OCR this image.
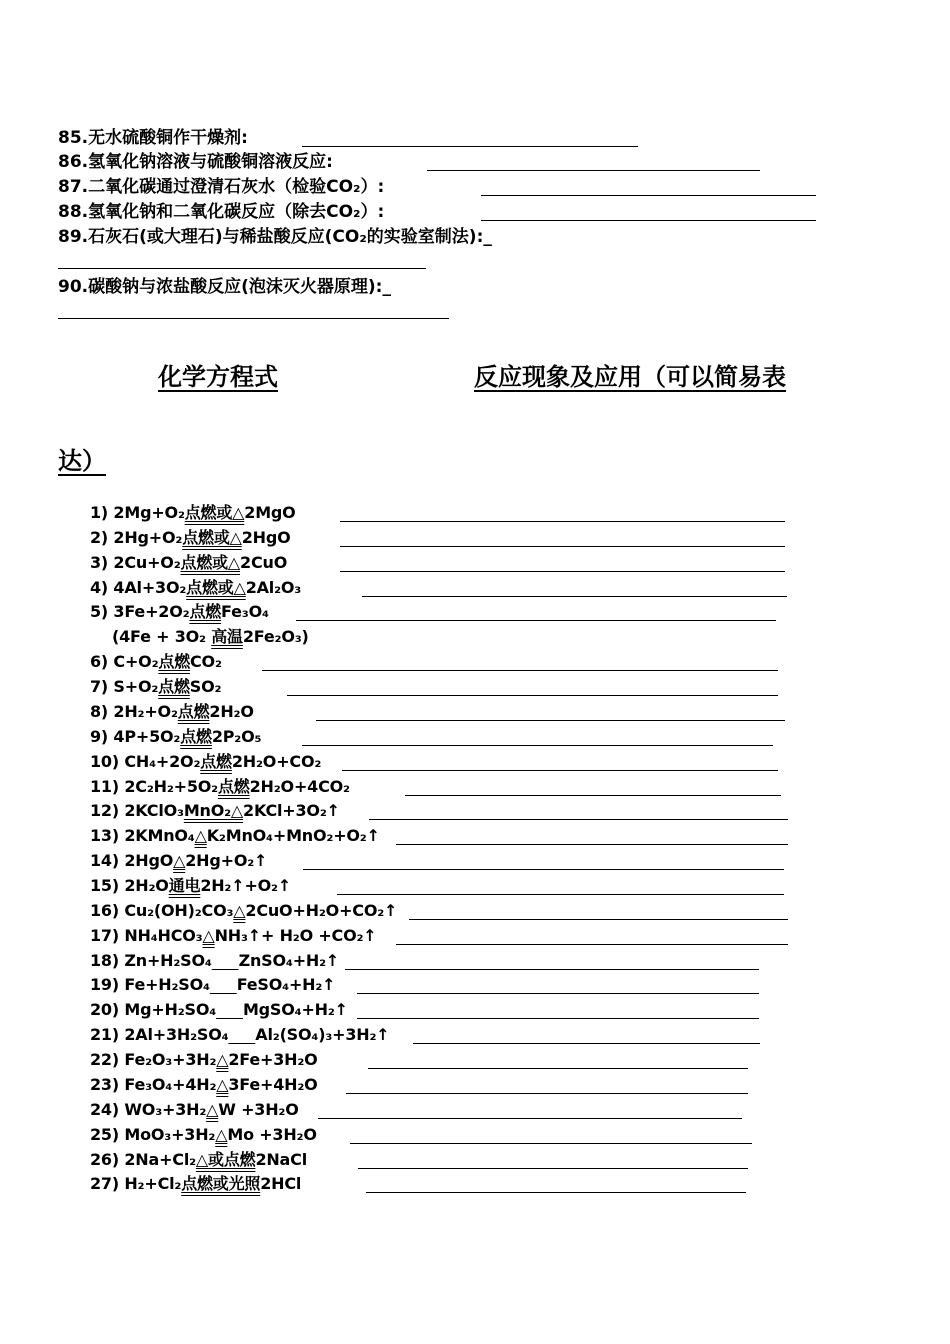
85.无水硫酸铜作干燥剂:
86.氢氧化钠溶液与硫酸铜溶液反应:
87.二氧化碳通过澄清石灰水（检验CO₂）:
88.氢氧化钠和二氧化碳反应（除去CO₂）:
89.石灰石(或大理石)与稀盐酸反应(CO₂的实验室制法):_
90.碳酸钠与浓盐酸反应(泡沫灭火器原理):_
化学方程式	反应现象及应用（可以简易表
达）
1) 2Mg+O₂点燃或△2MgO
2) 2Hg+O₂点燃或△2HgO
3) 2Cu+O₂点燃或△2CuO
4) 4Al+3O₂点燃或△2Al₂O₃
5) 3Fe+2O₂点燃Fe₃O₄
(4Fe + 3O₂ 高温2Fe₂O₃)
6) C+O₂点燃CO₂
7) S+O₂点燃SO₂
8) 2H₂+O₂点燃2H₂O
9) 4P+5O₂点燃2P₂O₅
10) CH₄+2O₂点燃2H₂O+CO₂
11) 2C₂H₂+5O₂点燃2H₂O+4CO₂
12) 2KClO₃MnO₂△2KCl+3O₂↑
13) 2KMnO₄△K₂MnO₄+MnO₂+O₂↑
14) 2HgO△2Hg+O₂↑
15) 2H₂O通电2H₂↑+O₂↑
16) Cu₂(OH)₂CO₃△2CuO+H₂O+CO₂↑
17) NH₄HCO₃△NH₃↑+ H₂O +CO₂↑
18) Zn+H₂SO₄ ZnSO₄+H₂↑
19) Fe+H₂SO₄ FeSO₄+H₂↑
20) Mg+H₂SO₄ MgSO₄+H₂↑
21) 2Al+3H₂SO₄ Al₂(SO₄)₃+3H₂↑
22) Fe₂O₃+3H₂△2Fe+3H₂O
23) Fe₃O₄+4H₂△3Fe+4H₂O
24) WO₃+3H₂△W +3H₂O
25) MoO₃+3H₂△Mo +3H₂O
26) 2Na+Cl₂△或点燃2NaCl
27) H₂+Cl₂点燃或光照2HCl
